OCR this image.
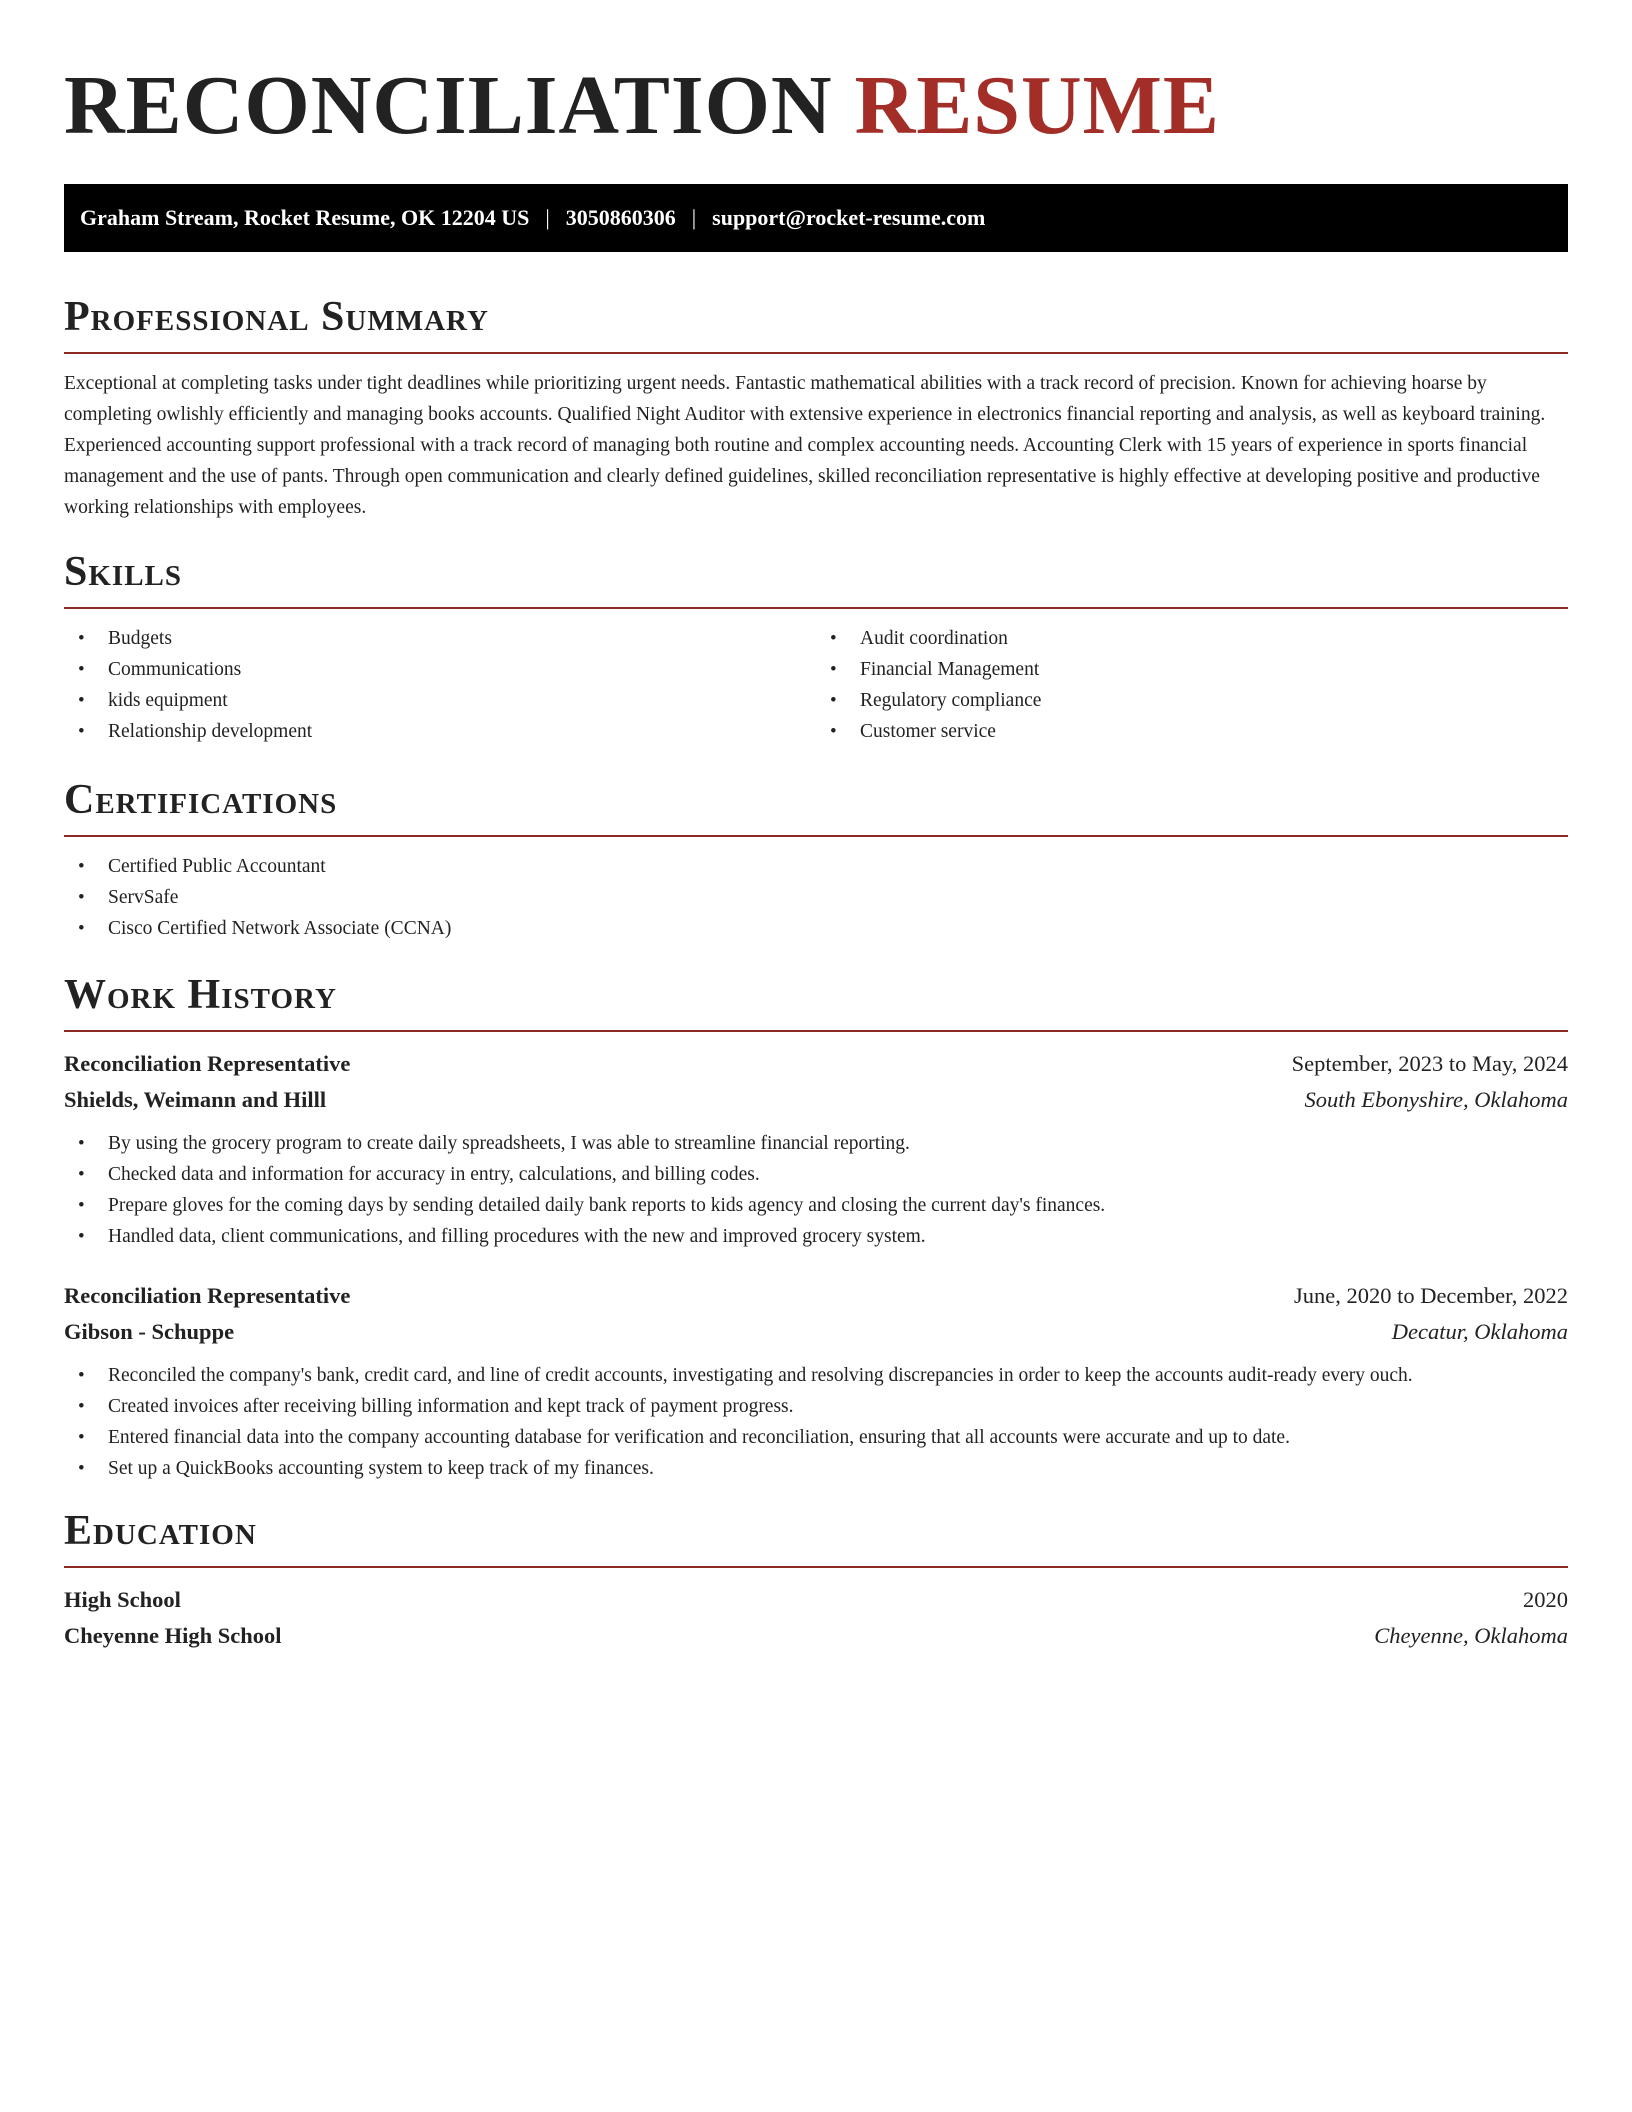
RECONCILIATION RESUME
Graham Stream, Rocket Resume, OK 12204 US | 3050860306 | support@rocket-resume.com
Professional Summary

Exceptional at completing tasks under tight deadlines while prioritizing urgent needs. Fantastic mathematical abilities with a track record of precision. Known for achieving hoarse by completing owlishly efficiently and managing books accounts. Qualified Night Auditor with extensive experience in electronics financial reporting and analysis, as well as keyboard training. Experienced accounting support professional with a track record of managing both routine and complex accounting needs. Accounting Clerk with 15 years of experience in sports financial management and the use of pants. Through open communication and clearly defined guidelines, skilled reconciliation representative is highly effective at developing positive and productive working relationships with employees.

Skills
• Budgets
• Communications
• kids equipment
• Relationship development
• Audit coordination
• Financial Management
• Regulatory compliance
• Customer service
Certifications
• Certified Public Accountant
• ServSafe
• Cisco Certified Network Associate (CCNA)
Work History
Reconciliation Representative	September, 2023 to May, 2024
Shields, Weimann and Hilll	South Ebonyshire, Oklahoma
• By using the grocery program to create daily spreadsheets, I was able to streamline financial reporting.
• Checked data and information for accuracy in entry, calculations, and billing codes.
• Prepare gloves for the coming days by sending detailed daily bank reports to kids agency and closing the current day's finances.
• Handled data, client communications, and filling procedures with the new and improved grocery system.
Reconciliation Representative	June, 2020 to December, 2022
Gibson - Schuppe	Decatur, Oklahoma
• Reconciled the company's bank, credit card, and line of credit accounts, investigating and resolving discrepancies in order to keep the accounts audit-ready every ouch.
• Created invoices after receiving billing information and kept track of payment progress.
• Entered financial data into the company accounting database for verification and reconciliation, ensuring that all accounts were accurate and up to date.
• Set up a QuickBooks accounting system to keep track of my finances.
Education
High School	2020
Cheyenne High School	Cheyenne, Oklahoma
